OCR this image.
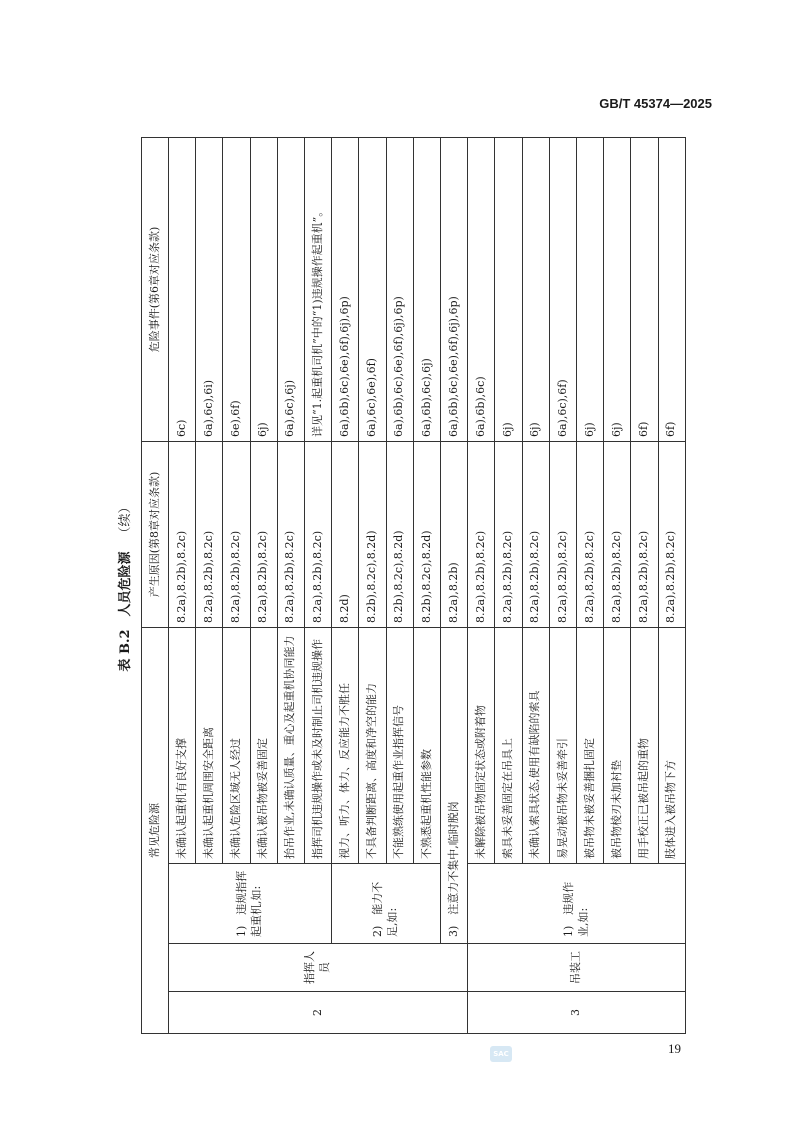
GB/T 45374—2025
表 B.2　人员危险源（续）
常见危险源				产生原因(第8章对应条款)	危险事件(第6章对应条款)
2	指挥人员	1)　违规指挥起重机,如:	未确认起重机有良好支撑	8.2a),8.2b),8.2c)	6c)
			未确认起重机周围安全距离	8.2a),8.2b),8.2c)	6a),6c),6i)
			未确认危险区域无人经过	8.2a),8.2b),8.2c)	6e),6f)
			未确认被吊物被妥善固定	8.2a),8.2b),8.2c)	6j)
			抬吊作业,未确认质量、重心及起重机协同能力	8.2a),8.2b),8.2c)	6a),6c),6j)
			指挥司机违规操作或未及时制止司机违规操作	8.2a),8.2b),8.2c)	详见“1.起重机司机”中的“1)违规操作起重机”。
		2)　能力不足,如:	视力、听力、体力、反应能力不胜任	8.2d)	6a),6b),6c),6e),6f),6j),6p)
			不具备判断距离、高度和净空的能力	8.2b),8.2c),8.2d)	6a),6c),6e),6f)
			不能熟练使用起重作业指挥信号	8.2b),8.2c),8.2d)	6a),6b),6c),6e),6f),6j),6p)
			不熟悉起重机性能参数	8.2b),8.2c),8.2d)	6a),6b),6c),6j)
		3)　注意力不集中,临时脱岗		8.2a),8.2b)	6a),6b),6c),6e),6f),6j),6p)
3	吊装工	1)　违规作业,如:	未解除被吊物固定状态或附着物	8.2a),8.2b),8.2c)	6a),6b),6c)
			索具未妥善固定在吊具上	8.2a),8.2b),8.2c)	6j)
			未确认索具状态,使用有缺陷的索具	8.2a),8.2b),8.2c)	6j)
			易晃动被吊物未妥善牵引	8.2a),8.2b),8.2c)	6a),6c),6f)
			被吊物未被妥善捆扎固定	8.2a),8.2b),8.2c)	6j)
			被吊物棱刃未加衬垫	8.2a),8.2b),8.2c)	6j)
			用手校正已被吊起的重物	8.2a),8.2b),8.2c)	6f)
			肢体进入被吊物下方	8.2a),8.2b),8.2c)	6f)
SAC	19
